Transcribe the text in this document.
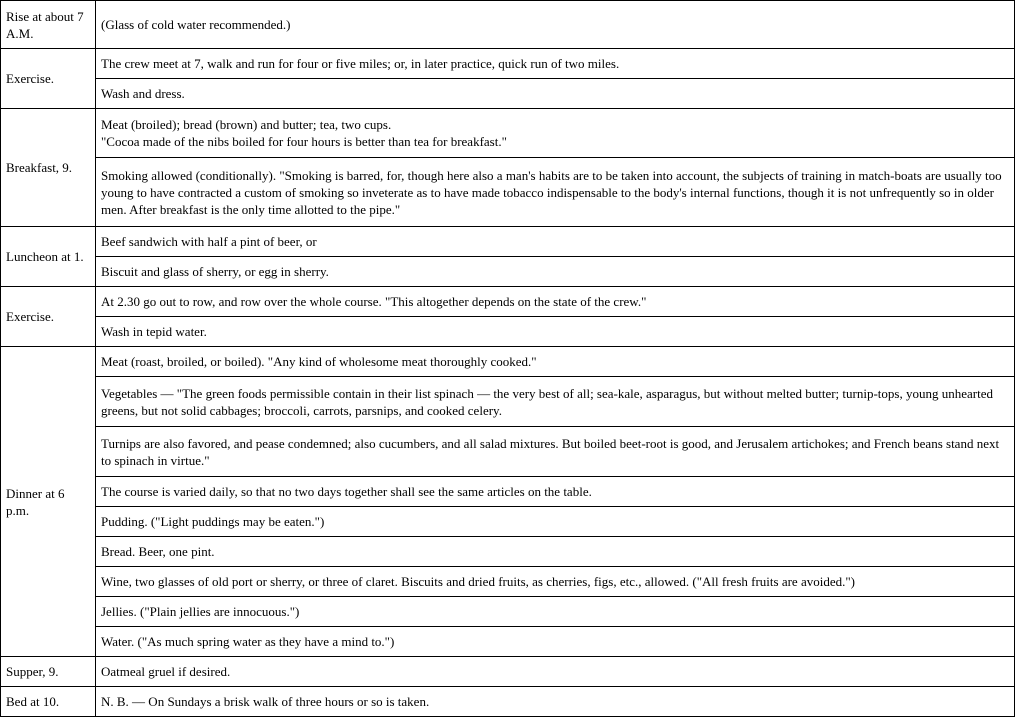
Rise at about 7 A.M.	(Glass of cold water recommended.)
Exercise.	The crew meet at 7, walk and run for four or five miles; or, in later practice, quick run of two miles.
	Wash and dress.
Breakfast, 9.	Meat (broiled); bread (brown) and butter; tea, two cups.
"Cocoa made of the nibs boiled for four hours is better than tea for breakfast."

	Smoking allowed (conditionally). "Smoking is barred, for, though here also a man's habits are to be taken into account, the subjects of training in match-boats are usually too young to have contracted a custom of smoking so inveterate as to have made tobacco indispensable to the body's internal functions, though it is not unfrequently so in older men. After breakfast is the only time allotted to the pipe."
Luncheon at 1.	Beef sandwich with half a pint of beer, or
	Biscuit and glass of sherry, or egg in sherry.
Exercise.	At 2.30 go out to row, and row over the whole course. "This altogether depends on the state of the crew."
	Wash in tepid water.
Dinner at 6 p.m.	Meat (roast, broiled, or boiled). "Any kind of wholesome meat thoroughly cooked."

	Vegetables — "The green foods permissible contain in their list spinach — the very best of all; sea-kale, asparagus, but without melted butter; turnip-tops, young unhearted greens, but not solid cabbages; broccoli, carrots, parsnips, and cooked celery.
	Turnips are also favored, and pease condemned; also cucumbers, and all salad mixtures. But boiled beet-root is good, and Jerusalem artichokes; and French beans stand next to spinach in virtue."
	The course is varied daily, so that no two days together shall see the same articles on the table.
	Pudding. ("Light puddings may be eaten.")
	Bread. Beer, one pint.
	Wine, two glasses of old port or sherry, or three of claret. Biscuits and dried fruits, as cherries, figs, etc., allowed. ("All fresh fruits are avoided.")
	Jellies. ("Plain jellies are innocuous.")
	Water. ("As much spring water as they have a mind to.")
Supper, 9.	Oatmeal gruel if desired.
Bed at 10.	N. B. — On Sundays a brisk walk of three hours or so is taken.
